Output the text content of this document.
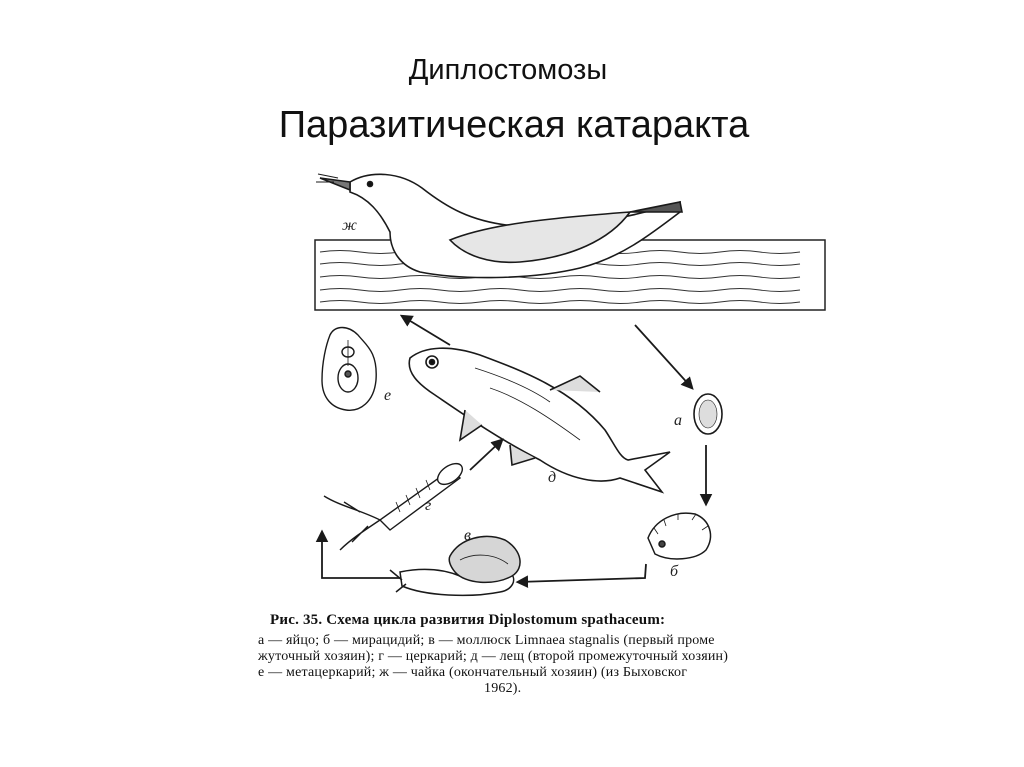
Диплостомозы
Паразитическая катаракта
ж
д
е
г
в
а
б
Рис. 35. Схема цикла развития Diplostomum spathaceum:
а — яйцо; б — мирацидий; в — моллюск Limnaea stagnalis (первый проме
жуточный хозяин); г — церкарий; д — лещ (второй промежуточный хозяин)
е — метацеркарий; ж — чайка (окончательный хозяин) (из Быховског
1962).
